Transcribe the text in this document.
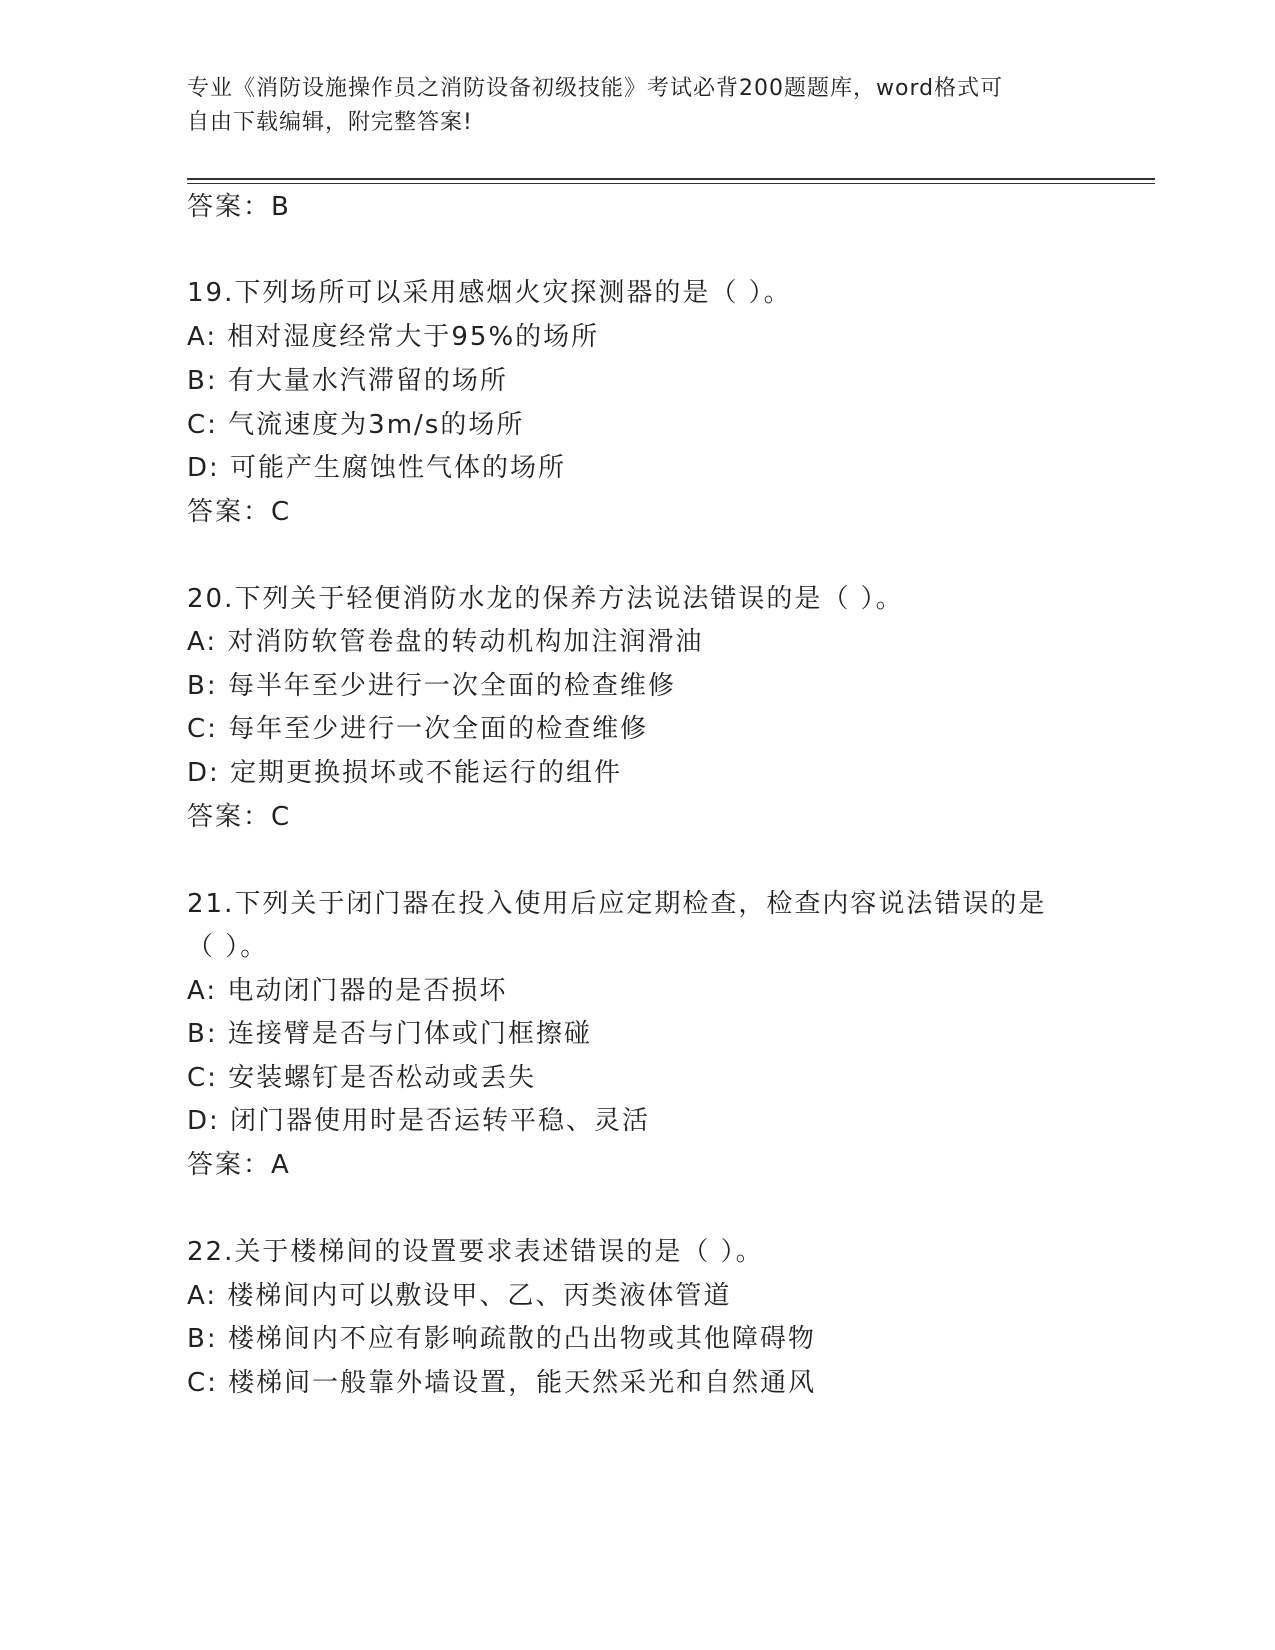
专业《消防设施操作员之消防设备初级技能》考试必背200题题库，word格式可
自由下载编辑，附完整答案!
答案：B
19.下列场所可以采用感烟火灾探测器的是（ ）。
A: 相对湿度经常大于95%的场所
B: 有大量水汽滞留的场所
C: 气流速度为3m/s的场所
D: 可能产生腐蚀性气体的场所
答案：C
20.下列关于轻便消防水龙的保养方法说法错误的是（ ）。
A: 对消防软管卷盘的转动机构加注润滑油
B: 每半年至少进行一次全面的检查维修
C: 每年至少进行一次全面的检查维修
D: 定期更换损坏或不能运行的组件
答案：C
21.下列关于闭门器在投入使用后应定期检查，检查内容说法错误的是
（ ）。
A: 电动闭门器的是否损坏
B: 连接臂是否与门体或门框擦碰
C: 安装螺钉是否松动或丢失
D: 闭门器使用时是否运转平稳、灵活
答案：A
22.关于楼梯间的设置要求表述错误的是（ ）。
A: 楼梯间内可以敷设甲、乙、丙类液体管道
B: 楼梯间内不应有影响疏散的凸出物或其他障碍物
C: 楼梯间一般靠外墙设置，能天然采光和自然通风
